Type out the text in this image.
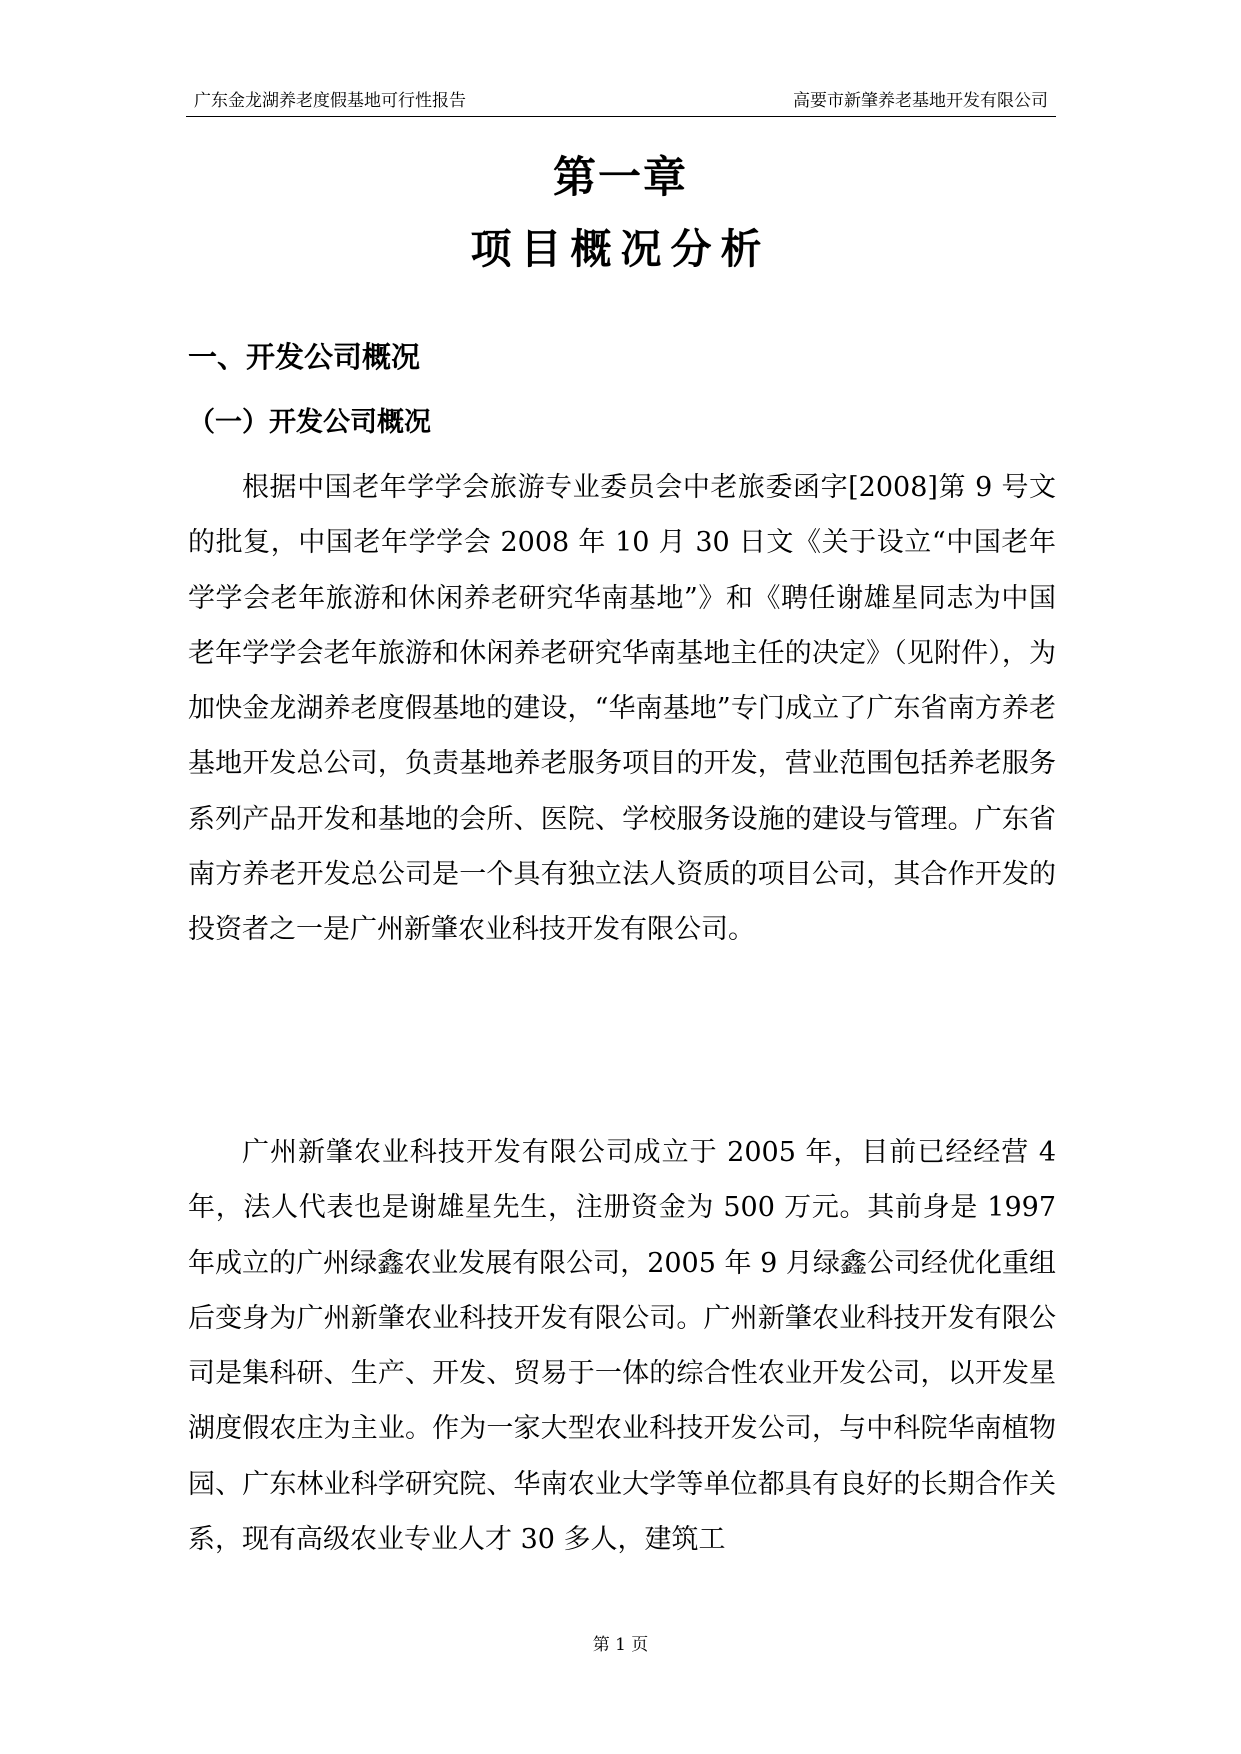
广东金龙湖养老度假基地可行性报告	高要市新肇养老基地开发有限公司
第一章
项目概况分析
一、开发公司概况
（一）开发公司概况

根据中国老年学学会旅游专业委员会中老旅委函字[2008]第 9 号文的批复，中国老年学学会 2008 年 10 月 30 日文《关于设立“中国老年学学会老年旅游和休闲养老研究华南基地”》和《聘任谢雄星同志为中国老年学学会老年旅游和休闲养老研究华南基地主任的决定》（见附件），为加快金龙湖养老度假基地的建设，“华南基地”专门成立了广东省南方养老基地开发总公司，负责基地养老服务项目的开发，营业范围包括养老服务系列产品开发和基地的会所、医院、学校服务设施的建设与管理。广东省南方养老开发总公司是一个具有独立法人资质的项目公司，其合作开发的投资者之一是广州新肇农业科技开发有限公司。

广州新肇农业科技开发有限公司成立于 2005 年，目前已经经营 4 年，法人代表也是谢雄星先生，注册资金为 500 万元。其前身是 1997 年成立的广州绿鑫农业发展有限公司，2005 年 9 月绿鑫公司经优化重组后变身为广州新肇农业科技开发有限公司。广州新肇农业科技开发有限公司是集科研、生产、开发、贸易于一体的综合性农业开发公司，以开发星湖度假农庄为主业。作为一家大型农业科技开发公司，与中科院华南植物园、广东林业科学研究院、华南农业大学等单位都具有良好的长期合作关系，现有高级农业专业人才 30 多人，建筑工

第 1 页
